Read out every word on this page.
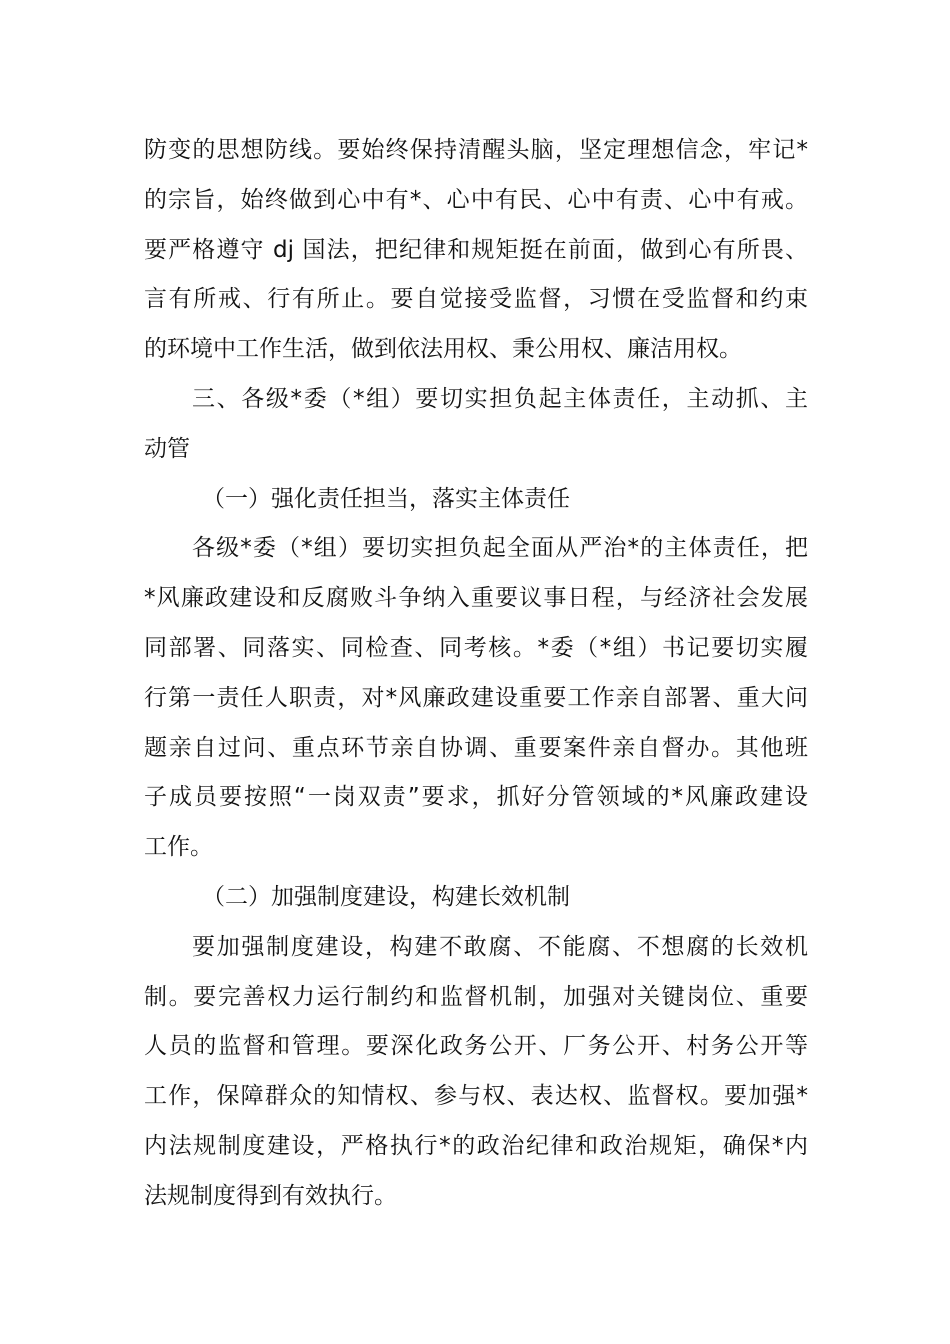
防变的思想防线。要始终保持清醒头脑，坚定理想信念，牢记*
的宗旨，始终做到心中有*、心中有民、心中有责、心中有戒。
要严格遵守 dj 国法，把纪律和规矩挺在前面，做到心有所畏、
言有所戒、行有所止。要自觉接受监督，习惯在受监督和约束
的环境中工作生活，做到依法用权、秉公用权、廉洁用权。
三、各级*委（*组）要切实担负起主体责任，主动抓、主
动管
（一）强化责任担当，落实主体责任
各级*委（*组）要切实担负起全面从严治*的主体责任，把
*风廉政建设和反腐败斗争纳入重要议事日程，与经济社会发展
同部署、同落实、同检查、同考核。*委（*组）书记要切实履
行第一责任人职责，对*风廉政建设重要工作亲自部署、重大问
题亲自过问、重点环节亲自协调、重要案件亲自督办。其他班
子成员要按照“一岗双责”要求，抓好分管领域的*风廉政建设
工作。
（二）加强制度建设，构建长效机制
要加强制度建设，构建不敢腐、不能腐、不想腐的长效机
制。要完善权力运行制约和监督机制，加强对关键岗位、重要
人员的监督和管理。要深化政务公开、厂务公开、村务公开等
工作，保障群众的知情权、参与权、表达权、监督权。要加强*
内法规制度建设，严格执行*的政治纪律和政治规矩，确保*内
法规制度得到有效执行。
